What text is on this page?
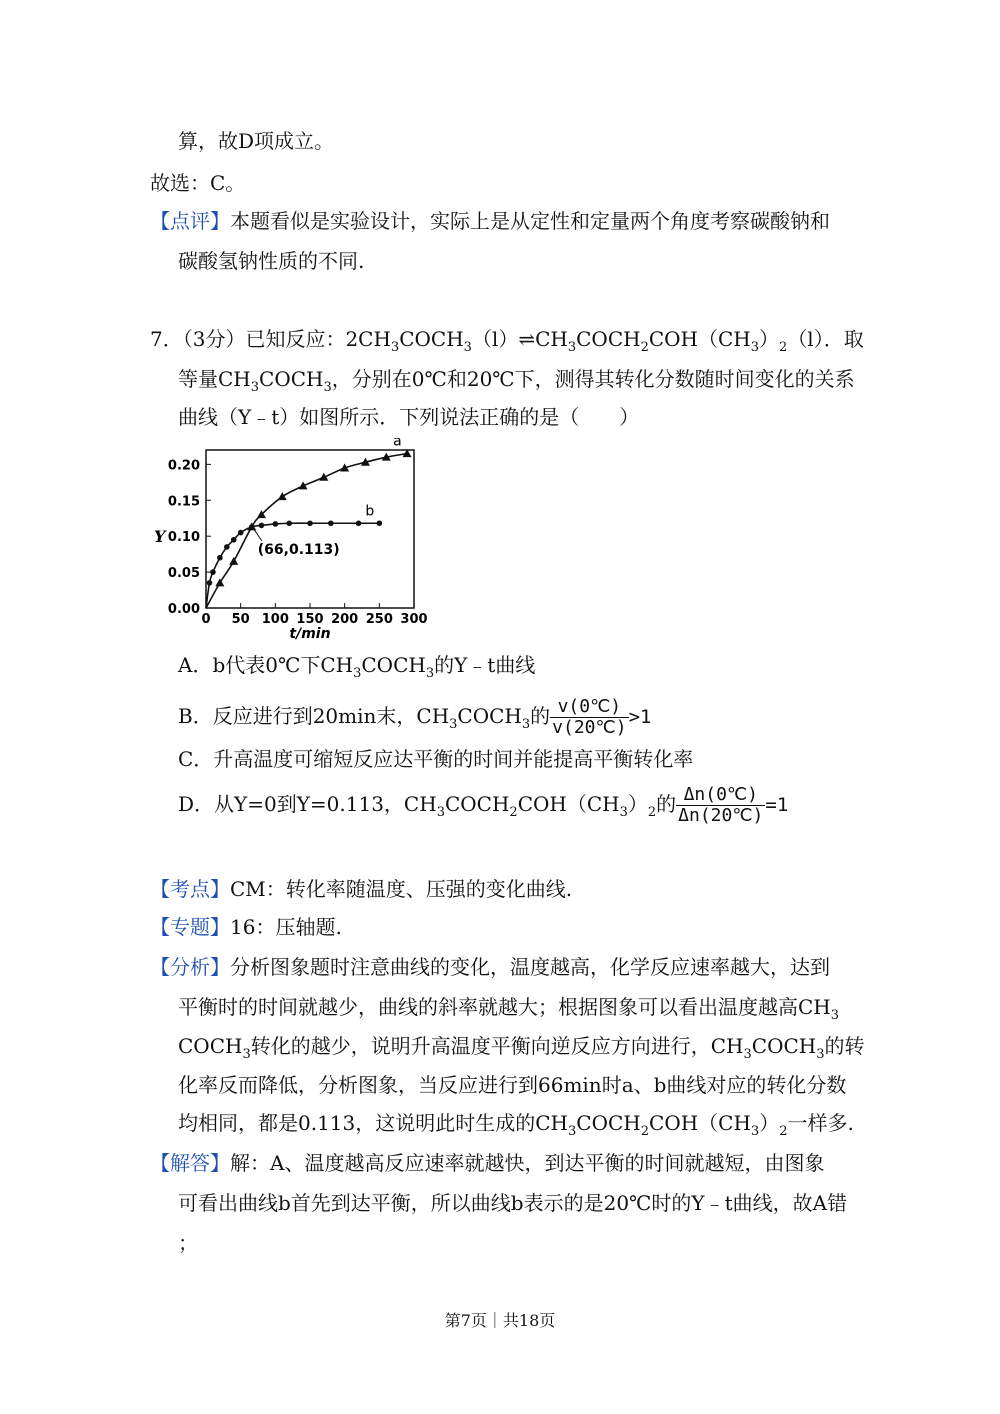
算，故D项成立。
故选：C。
【点评】本题看似是实验设计，实际上是从定性和定量两个角度考察碳酸钠和
碳酸氢钠性质的不同.
7．（3分）已知反应：$2CH_3COCH_3(l)\rightleftharpoons CH_3COCH_2COH(CH_3)_2(l)$．取
等量$CH_3COCH_3$，分别在0℃和20℃下，测得其转化分数随时间变化的关系
曲线（Y﹣t）如图所示．下列说法正确的是（　　）
0 50 100 150 200 250 300
0.00
0.05
0.10
0.15
0.20
t/min
Y
a
b
(66,0.113)
A．b代表0℃下$CH_3COCH_3$的Y﹣t曲线
B．反应进行到20min末，$CH_3COCH_3$的 $\frac{v(0℃)}{v(20℃)} >1$
C．升高温度可缩短反应达平衡的时间并能提高平衡转化率
D．从Y=0到Y=0.113，$CH_3COCH_2COH(CH_3)_2$的 $\frac{\Delta n(0℃)}{\Delta n(20℃)} =1$
【考点】CM：转化率随温度、压强的变化曲线.
【专题】16：压轴题.
【分析】分析图象题时注意曲线的变化，温度越高，化学反应速率越大，达到
平衡时的时间就越少，曲线的斜率就越大；根据图象可以看出温度越高$CH_3$
$COCH_3$转化的越少，说明升高温度平衡向逆反应方向进行，$CH_3COCH_3$的转
化率反而降低，分析图象，当反应进行到66min时a、b曲线对应的转化分数
均相同，都是0.113，这说明此时生成的$CH_3COCH_2COH(CH_3)_2$一样多.
【解答】解：A、温度越高反应速率就越快，到达平衡的时间就越短，由图象
可看出曲线b首先到达平衡，所以曲线b表示的是20℃时的Y﹣t曲线，故A错
；
第7页｜共18页
